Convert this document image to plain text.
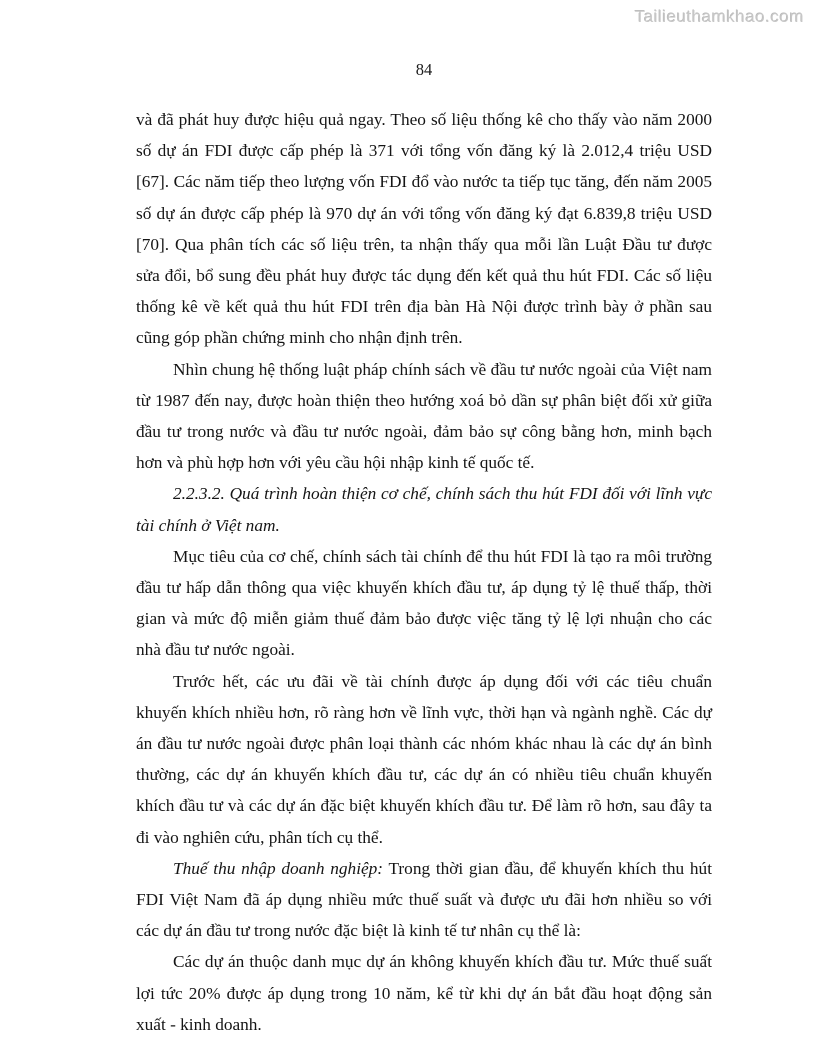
Tailieuthamkhao.com
84

và đã phát huy được hiệu quả ngay. Theo số liệu thống kê cho thấy vào năm 2000 số dự án FDI được cấp phép là 371 với tổng vốn đăng ký là 2.012,4 triệu USD [67]. Các năm tiếp theo lượng vốn FDI đổ vào nước ta tiếp tục tăng, đến năm 2005 số dự án được cấp phép là 970 dự án với tổng vốn đăng ký đạt 6.839,8 triệu USD [70]. Qua phân tích các số liệu trên, ta nhận thấy qua mỗi lần Luật Đầu tư được sửa đổi, bổ sung đều phát huy được tác dụng đến kết quả thu hút FDI. Các số liệu thống kê về kết quả thu hút FDI trên địa bàn Hà Nội được trình bày ở phần sau cũng góp phần chứng minh cho nhận định trên.

Nhìn chung hệ thống luật pháp chính sách về đầu tư nước ngoài của Việt nam từ 1987 đến nay, được hoàn thiện theo hướng xoá bỏ dần sự phân biệt đối xử giữa đầu tư trong nước và đầu tư nước ngoài, đảm bảo sự công bằng hơn, minh bạch hơn và phù hợp hơn với yêu cầu hội nhập kinh tế quốc tế.

2.2.3.2. Quá trình hoàn thiện cơ chế, chính sách thu hút FDI đối với lĩnh vực tài chính ở Việt nam.

Mục tiêu của cơ chế, chính sách tài chính để thu hút FDI là tạo ra môi trường đầu tư hấp dẫn thông qua việc khuyến khích đầu tư, áp dụng tỷ lệ thuế thấp, thời gian và mức độ miễn giảm thuế đảm bảo được việc tăng tỷ lệ lợi nhuận cho các nhà đầu tư nước ngoài.

Trước hết, các ưu đãi về tài chính được áp dụng đối với các tiêu chuẩn khuyến khích nhiều hơn, rõ ràng hơn về lĩnh vực, thời hạn và ngành nghề. Các dự án đầu tư nước ngoài được phân loại thành các nhóm khác nhau là các dự án bình thường, các dự án khuyến khích đầu tư, các dự án có nhiều tiêu chuẩn khuyến khích đầu tư và các dự án đặc biệt khuyến khích đầu tư. Để làm rõ hơn, sau đây ta đi vào nghiên cứu, phân tích cụ thể.

Thuế thu nhập doanh nghiệp: Trong thời gian đầu, để khuyến khích thu hút FDI Việt Nam đã áp dụng nhiều mức thuế suất và được ưu đãi hơn nhiều so với các dự án đầu tư trong nước đặc biệt là kinh tế tư nhân cụ thể là:

Các dự án thuộc danh mục dự án không khuyến khích đầu tư. Mức thuế suất lợi tức 20% được áp dụng trong 10 năm, kể từ khi dự án bắt đầu hoạt động sản xuất - kinh doanh.
